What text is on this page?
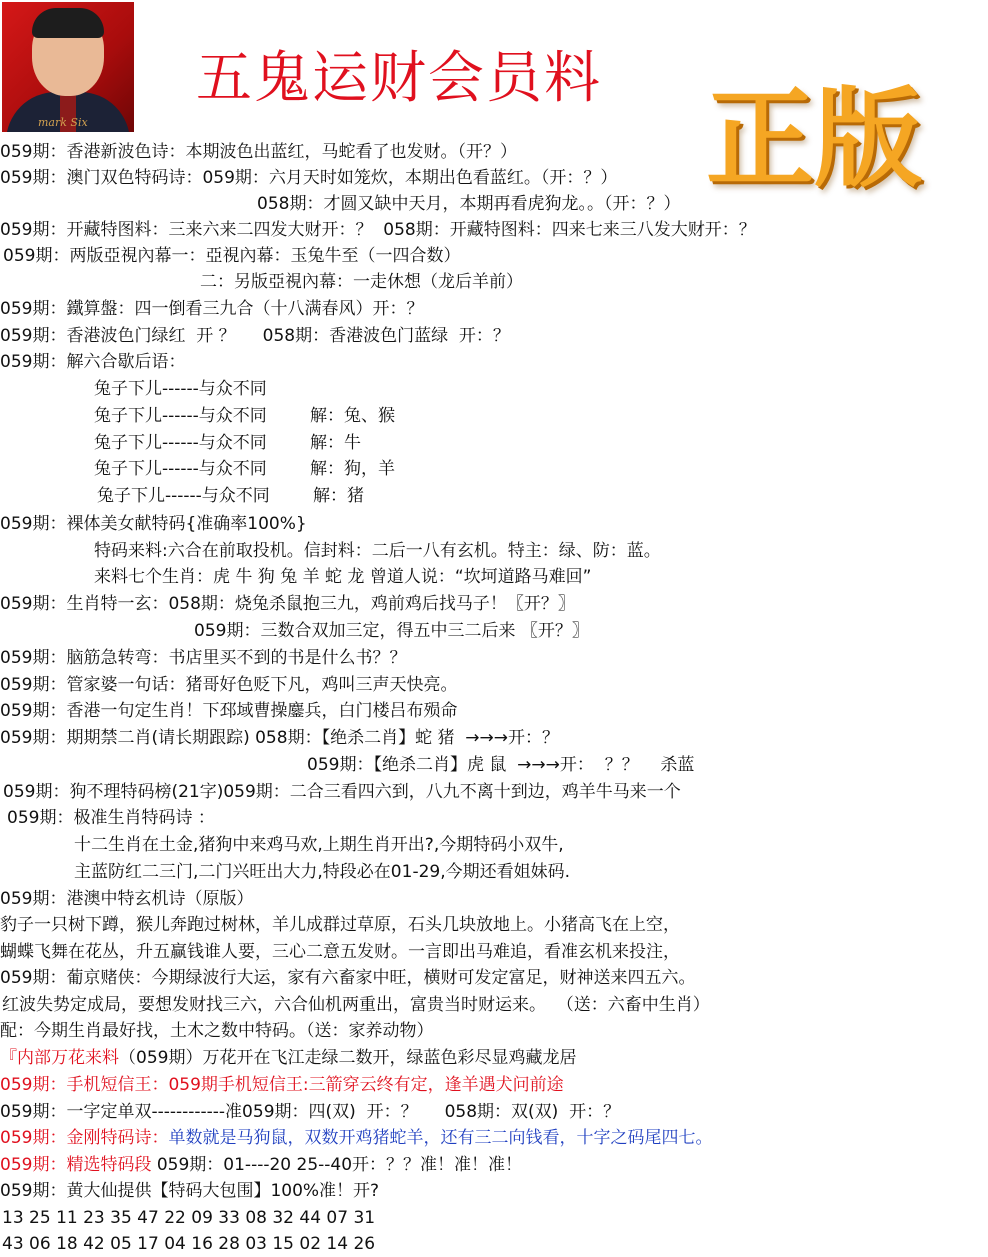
mark Six
五鬼运财会员料 正版
059期：香港新波色诗：本期波色出蓝红，马蛇看了也发财。（开？）
059期：澳门双色特码诗：059期：六月天时如笼炊，本期出色看蓝红。（开：？）
058期：才圆又缺中天月，本期再看虎狗龙。。（开：？）
059期：开藏特图料：三来六来二四发大财开：？  058期：开藏特图料：四来七来三八发大财开：？
059期：两版亞視內幕一：亞視內幕：玉兔牛至（一四合数）
二：另版亞視內幕：一走休想（龙后羊前）
059期：鐵算盤：四一倒看三九合（十八满春风）开：？
059期：香港波色门绿红  开 ？     058期：香港波色门蓝绿  开：？
059期：解六合歇后语：
兔子下儿------与众不同
兔子下儿------与众不同        解：兔、猴
兔子下儿------与众不同        解：牛
兔子下儿------与众不同        解：狗，羊
兔子下儿------与众不同        解：猪
059期：裸体美女献特码{准确率100%}
特码来料:六合在前取投机。信封料：二后一八有玄机。特主：绿、防：蓝。
来料七个生肖：虎 牛 狗 兔 羊 蛇 龙 曾道人说：“坎坷道路马难回”
059期：生肖特一玄：058期：烧兔杀鼠抱三九，鸡前鸡后找马子！〖开？〗
059期：三数合双加三定，得五中三二后来 〖开？〗
059期：脑筋急转弯：书店里买不到的书是什么书？？
059期：管家婆一句话：猪哥好色贬下凡，鸡叫三声天快亮。
059期：香港一句定生肖！下邳域曹操鏖兵，白门楼吕布殒命
059期：期期禁二肖(请长期跟踪) 058期：【绝杀二肖】蛇 猪  →→→开：？
059期：【绝杀二肖】虎 鼠  →→→开：  ？？    杀蓝
059期：狗不理特码榜(21字)059期：二合三看四六到，八九不离十到边，鸡羊牛马来一个
059期：极准生肖特码诗 ：
十二生肖在土金,猪狗中来鸡马欢,上期生肖开出?,今期特码小双牛,
主蓝防红二三门,二门兴旺出大力,特段必在01-29,今期还看姐妹码.
059期：港澳中特玄机诗（原版）
豹子一只树下蹲，猴儿奔跑过树林，羊儿成群过草原，石头几块放地上。小猪高飞在上空，
蝴蝶飞舞在花丛，升五赢钱谁人要，三心二意五发财。一言即出马难追，看准玄机来投注，
059期：葡京赌侠：今期绿波行大运，家有六畜家中旺，横财可发定富足，财神送来四五六。
红波失势定成局，要想发财找三六，六合仙机两重出，富贵当时财运来。  （送：六畜中生肖）
配：今期生肖最好找，土木之数中特码。（送：家养动物）
『内部万花来料（059期）万花开在飞江走绿二数开，绿蓝色彩尽显鸡藏龙居
059期：手机短信王：059期手机短信王:三箭穿云终有定，逢羊遇犬问前途
059期：一字定单双------------准059期：四(双)  开：？     058期：双(双)  开：？
059期：金刚特码诗：单数就是马狗鼠，双数开鸡猪蛇羊，还有三二向钱看，十字之码尾四七。
059期：精选特码段 059期：01----20 25--40开：？？准！准！准！
059期：黄大仙提供【特码大包围】100%准！开?
13 25 11 23 35 47 22 09 33 08 32 44 07 31
43 06 18 42 05 17 04 16 28 03 15 02 14 26
